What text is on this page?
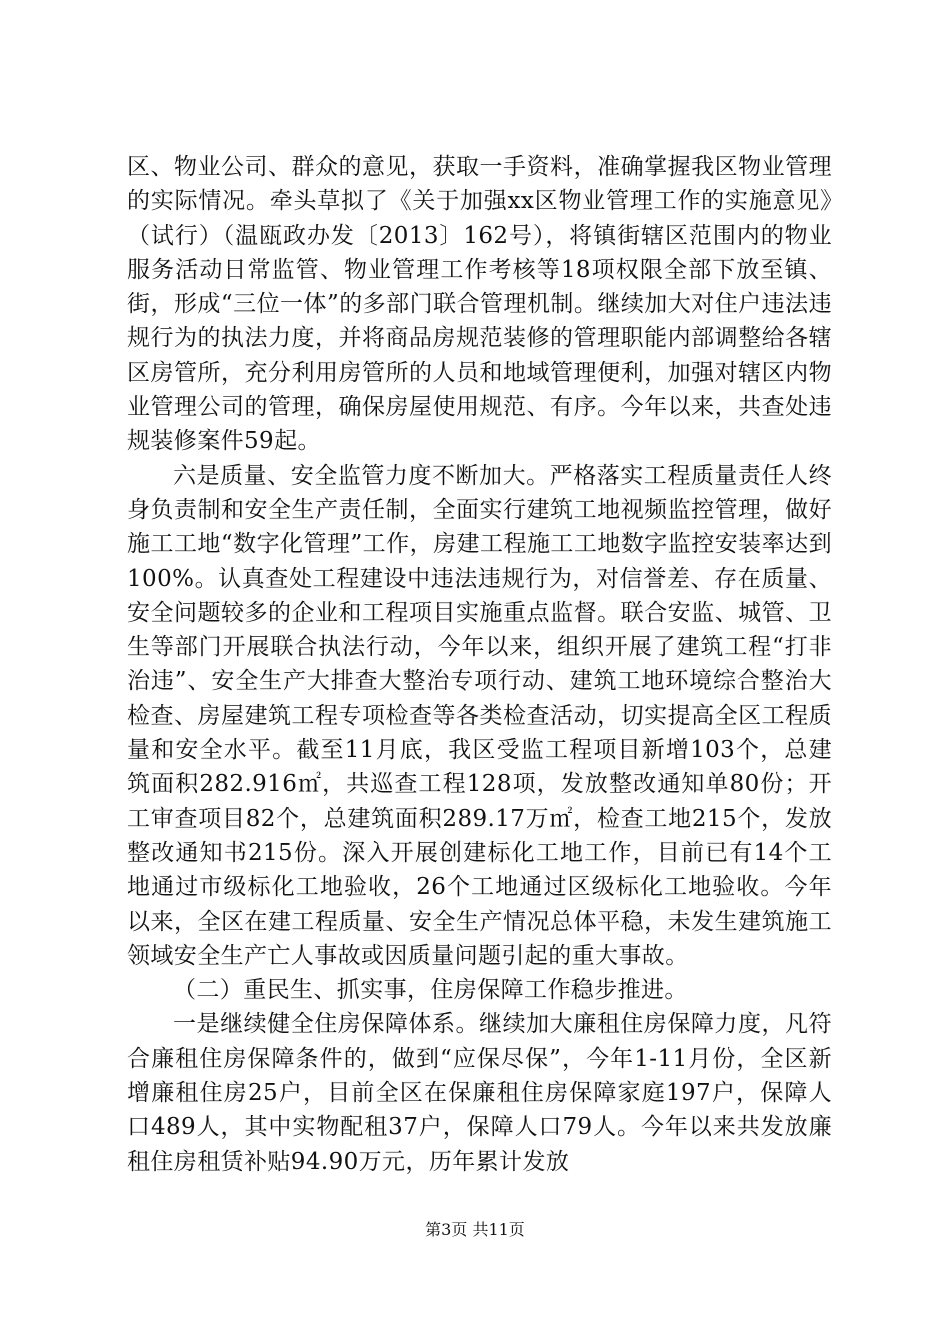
区、物业公司、群众的意见，获取一手资料，准确掌握我区物业管理的实际情况。牵头草拟了《关于加强xx区物业管理工作的实施意见》（试行）（温瓯政办发〔2013〕162号），将镇街辖区范围内的物业服务活动日常监管、物业管理工作考核等18项权限全部下放至镇、街，形成“三位一体”的多部门联合管理机制。继续加大对住户违法违规行为的执法力度，并将商品房规范装修的管理职能内部调整给各辖区房管所，充分利用房管所的人员和地域管理便利，加强对辖区内物业管理公司的管理，确保房屋使用规范、有序。今年以来，共查处违规装修案件59起。

六是质量、安全监管力度不断加大。严格落实工程质量责任人终身负责制和安全生产责任制，全面实行建筑工地视频监控管理，做好施工工地“数字化管理”工作，房建工程施工工地数字监控安装率达到100%。认真查处工程建设中违法违规行为，对信誉差、存在质量、安全问题较多的企业和工程项目实施重点监督。联合安监、城管、卫生等部门开展联合执法行动，今年以来，组织开展了建筑工程“打非治违”、安全生产大排查大整治专项行动、建筑工地环境综合整治大检查、房屋建筑工程专项检查等各类检查活动，切实提高全区工程质量和安全水平。截至11月底，我区受监工程项目新增103个，总建筑面积282.916㎡，共巡查工程128项，发放整改通知单80份；开工审查项目82个，总建筑面积289.17万㎡，检查工地215个，发放整改通知书215份。深入开展创建标化工地工作，目前已有14个工地通过市级标化工地验收，26个工地通过区级标化工地验收。今年以来，全区在建工程质量、安全生产情况总体平稳，未发生建筑施工领域安全生产亡人事故或因质量问题引起的重大事故。

（二）重民生、抓实事，住房保障工作稳步推进。

一是继续健全住房保障体系。继续加大廉租住房保障力度，凡符合廉租住房保障条件的，做到“应保尽保”，今年1-11月份，全区新增廉租住房25户，目前全区在保廉租住房保障家庭197户，保障人口489人，其中实物配租37户，保障人口79人。今年以来共发放廉租住房租赁补贴94.90万元，历年累计发放

第3页 共11页
